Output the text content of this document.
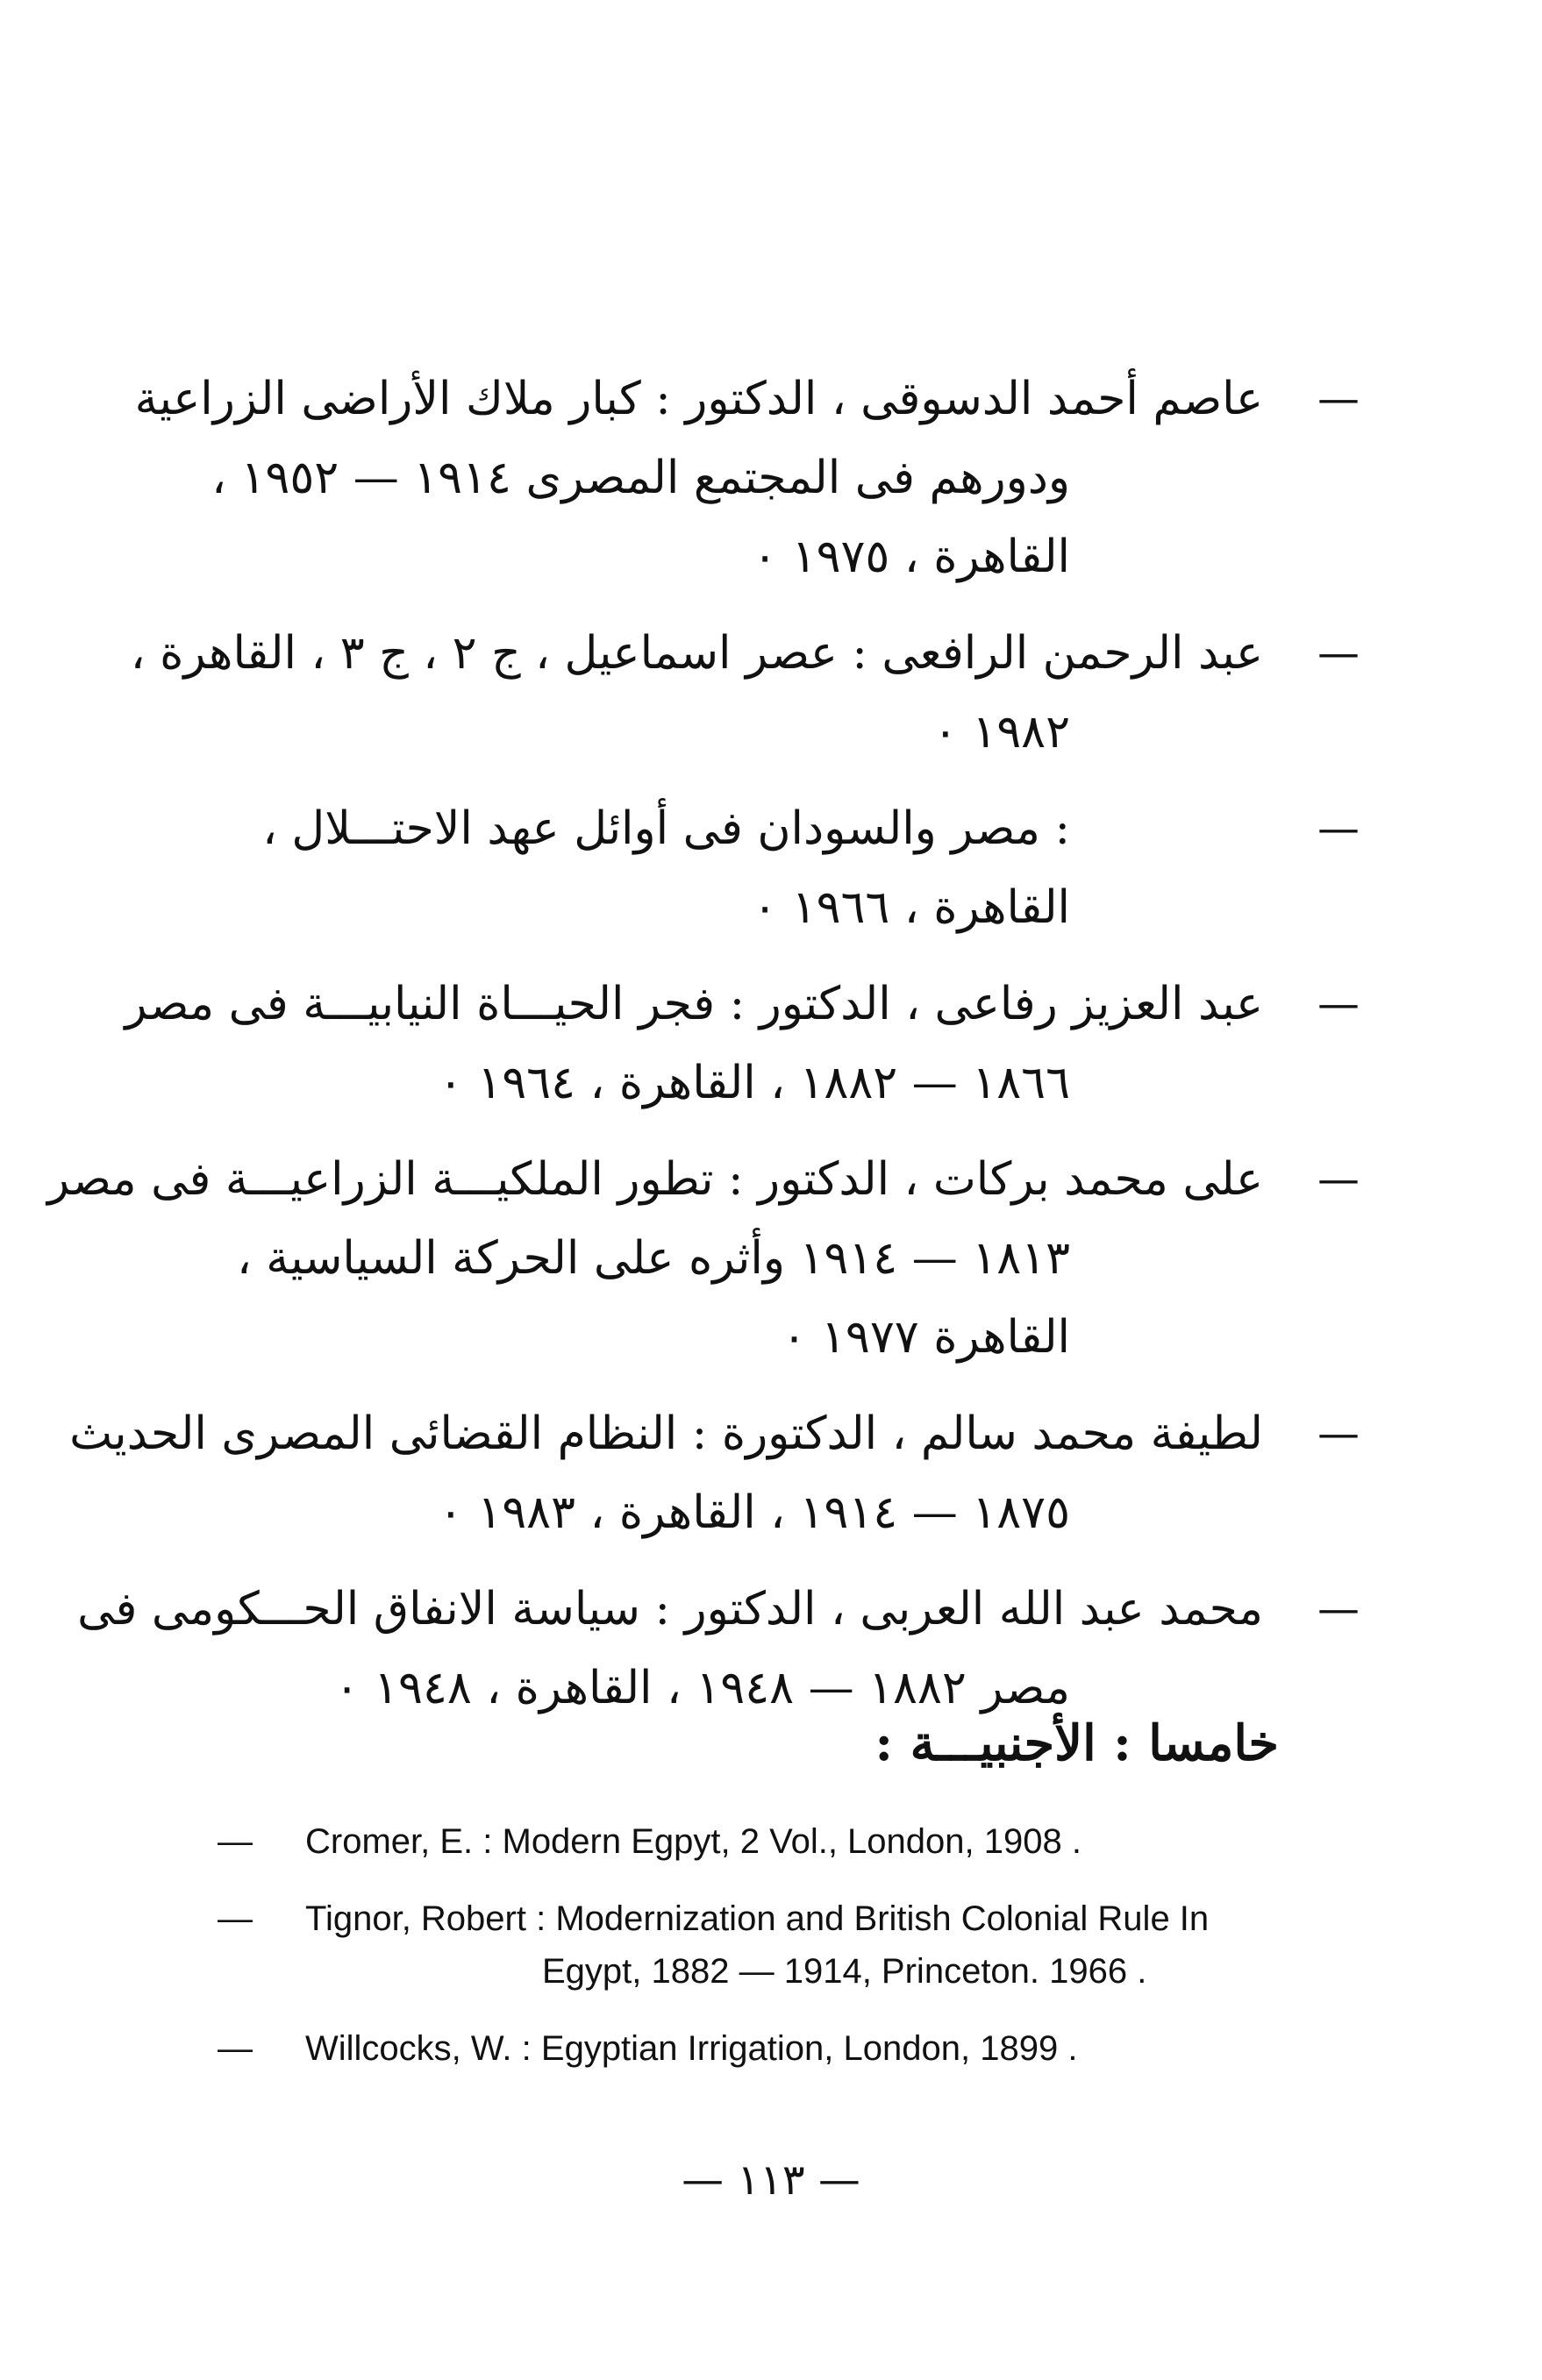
—
عاصم أحمد الدسوقى ، الدكتور : كبار ملاك الأراضى الزراعية
ودورهم فى المجتمع المصرى ١٩١٤ — ١٩٥٢ ،
القاهرة ، ١٩٧٥ ٠
—
عبد الرحمن الرافعى : عصر اسماعيل ، ج ٢ ، ج ٣ ، القاهرة ،
١٩٨٢ ٠
—
: مصر والسودان فى أوائل عهد الاحتـــلال ،
القاهرة ، ١٩٦٦ ٠
—
عبد العزيز رفاعى ، الدكتور : فجر الحيـــاة النيابيـــة فى مصر
١٨٦٦ — ١٨٨٢ ، القاهرة ، ١٩٦٤ ٠
—
على محمد بركات ، الدكتور : تطور الملكيـــة الزراعيـــة فى مصر
١٨١٣ — ١٩١٤ وأثره على الحركة السياسية ،
القاهرة ١٩٧٧ ٠
—
لطيفة محمد سالم ، الدكتورة : النظام القضائى المصرى الحديث
١٨٧٥ — ١٩١٤ ، القاهرة ، ١٩٨٣ ٠
—
محمد عبد الله العربى ، الدكتور : سياسة الانفاق الحـــكومى فى
مصر ١٨٨٢ — ١٩٤٨ ، القاهرة ، ١٩٤٨ ٠
خامسا : الأجنبيـــة :
—	Cromer, E. : Modern Egpyt, 2 Vol., London, 1908 .
—	Tignor, Robert : Modernization and British Colonial Rule In
Egypt, 1882 — 1914, Princeton. 1966 .
—	Willcocks, W. : Egyptian Irrigation, London, 1899 .
— ١١٣ —
